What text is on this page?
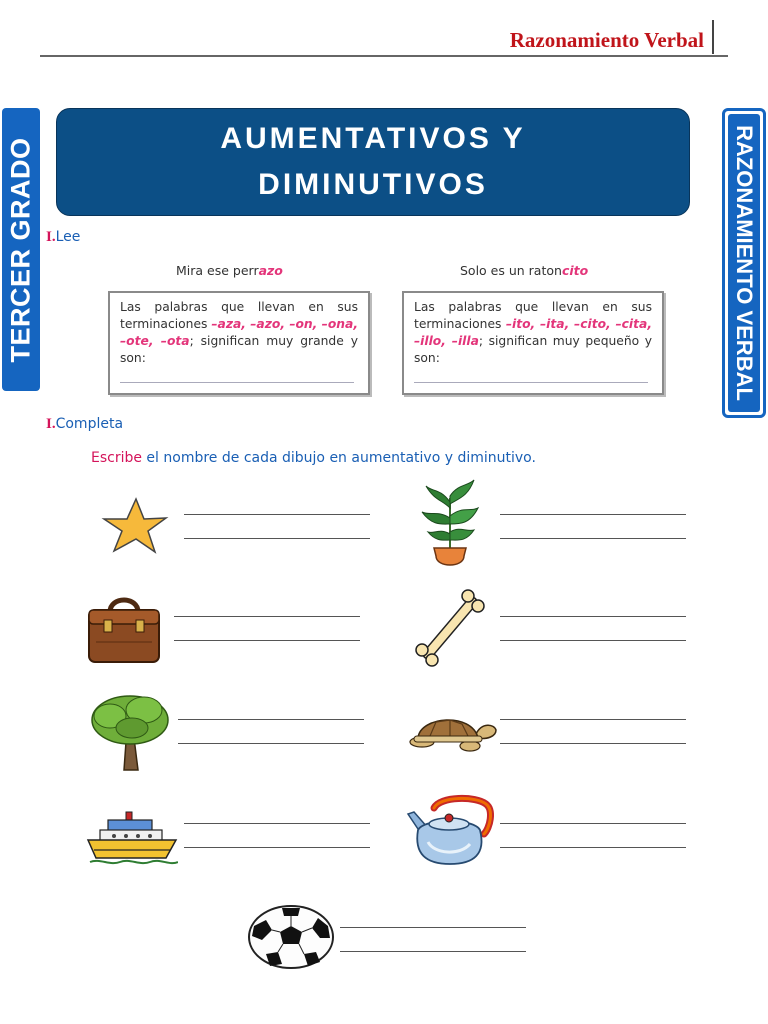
Razonamiento Verbal
TERCER GRADO	RAZONAMIENTO VERBAL
AUMENTATIVOS Y
DIMINUTIVOS
I.Lee
Mira ese perrazo	Solo es un ratoncito
Las palabras que llevan en sus terminaciones –aza, –azo, –on, –ona, –ote, –ota; significan muy grande y son:
Las palabras que llevan en sus terminaciones –ito, –ita, –cito, –cita, –illo, –illa; significan muy pequeño y son:
I.Completa
Escribe el nombre de cada dibujo en aumentativo y diminutivo.
